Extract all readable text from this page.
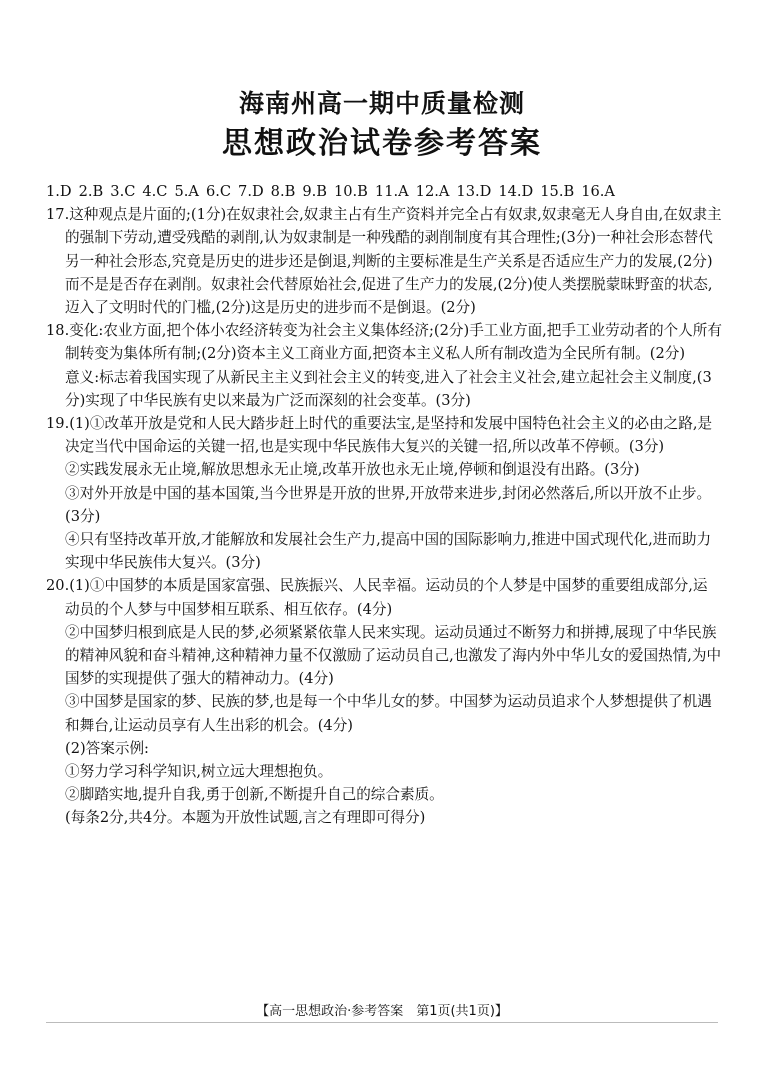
海南州高一期中质量检测
思想政治试卷参考答案

1.D 2.B 3.C 4.C 5.A 6.C 7.D 8.B 9.B 10.B 11.A 12.A 13.D 14.D 15.B 16.A

17.这种观点是片面的;(1分)在奴隶社会,奴隶主占有生产资料并完全占有奴隶,奴隶毫无人身自由,在奴隶主的强制下劳动,遭受残酷的剥削,认为奴隶制是一种残酷的剥削制度有其合理性;(3分)一种社会形态替代另一种社会形态,究竟是历史的进步还是倒退,判断的主要标准是生产关系是否适应生产力的发展,(2分)而不是是否存在剥削。奴隶社会代替原始社会,促进了生产力的发展,(2分)使人类摆脱蒙昧野蛮的状态,迈入了文明时代的门槛,(2分)这是历史的进步而不是倒退。(2分)

18.变化:农业方面,把个体小农经济转变为社会主义集体经济;(2分)手工业方面,把手工业劳动者的个人所有制转变为集体所有制;(2分)资本主义工商业方面,把资本主义私人所有制改造为全民所有制。(2分)

意义:标志着我国实现了从新民主主义到社会主义的转变,进入了社会主义社会,建立起社会主义制度,(3分)实现了中华民族有史以来最为广泛而深刻的社会变革。(3分)

19.(1)①改革开放是党和人民大踏步赶上时代的重要法宝,是坚持和发展中国特色社会主义的必由之路,是决定当代中国命运的关键一招,也是实现中华民族伟大复兴的关键一招,所以改革不停顿。(3分)

②实践发展永无止境,解放思想永无止境,改革开放也永无止境,停顿和倒退没有出路。(3分)

③对外开放是中国的基本国策,当今世界是开放的世界,开放带来进步,封闭必然落后,所以开放不止步。(3分)

④只有坚持改革开放,才能解放和发展社会生产力,提高中国的国际影响力,推进中国式现代化,进而助力实现中华民族伟大复兴。(3分)

20.(1)①中国梦的本质是国家富强、民族振兴、人民幸福。运动员的个人梦是中国梦的重要组成部分,运动员的个人梦与中国梦相互联系、相互依存。(4分)

②中国梦归根到底是人民的梦,必须紧紧依靠人民来实现。运动员通过不断努力和拼搏,展现了中华民族的精神风貌和奋斗精神,这种精神力量不仅激励了运动员自己,也激发了海内外中华儿女的爱国热情,为中国梦的实现提供了强大的精神动力。(4分)

③中国梦是国家的梦、民族的梦,也是每一个中华儿女的梦。中国梦为运动员追求个人梦想提供了机遇和舞台,让运动员享有人生出彩的机会。(4分)

(2)答案示例:

①努力学习科学知识,树立远大理想抱负。

②脚踏实地,提升自我,勇于创新,不断提升自己的综合素质。

(每条2分,共4分。本题为开放性试题,言之有理即可得分)

【高一思想政治·参考答案　第1页(共1页)】
